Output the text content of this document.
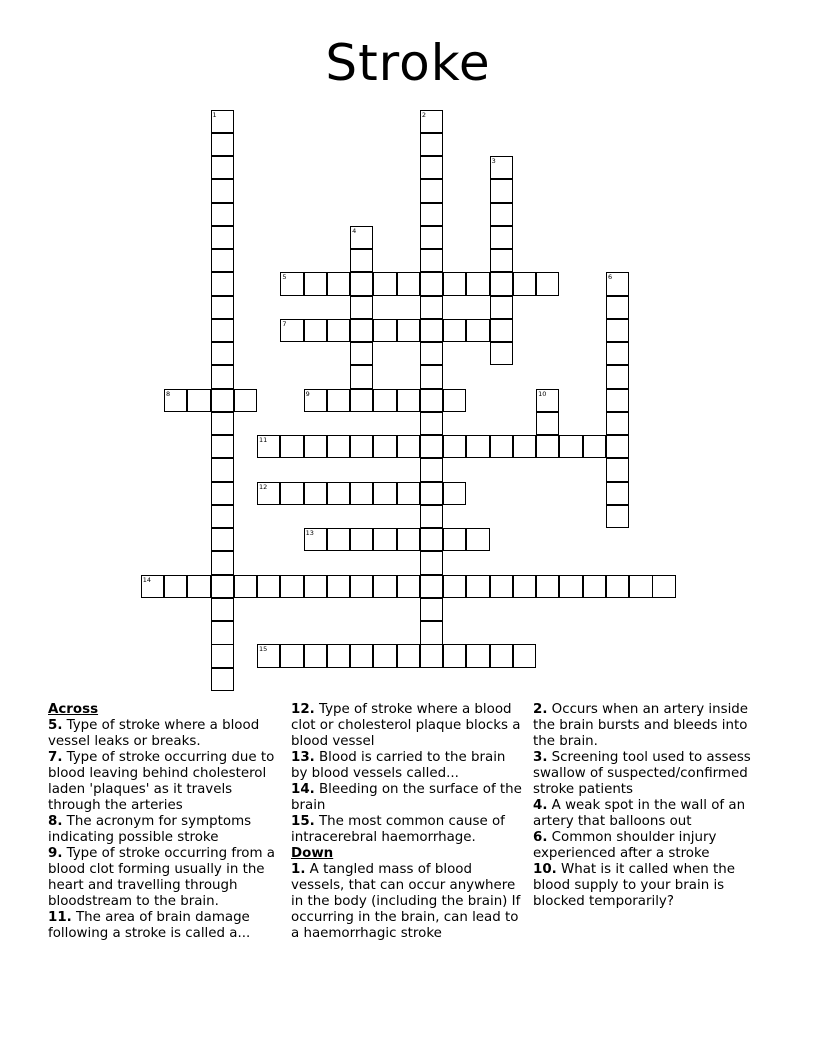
Stroke
5
7
8	9
11
12
13
14
15
1	2
3
4
6
10
Across
5. Type of stroke where a blood vessel leaks or breaks.
7. Type of stroke occurring due to blood leaving behind cholesterol laden 'plaques' as it travels through the arteries
8. The acronym for symptoms indicating possible stroke
9. Type of stroke occurring from a blood clot forming usually in the heart and travelling through bloodstream to the brain.
11. The area of brain damage following a stroke is called a...
12. Type of stroke where a blood clot or cholesterol plaque blocks a blood vessel
13. Blood is carried to the brain by blood vessels called...
14. Bleeding on the surface of the brain
15. The most common cause of intracerebral haemorrhage.
Down
1. A tangled mass of blood vessels, that can occur anywhere in the body (including the brain) If occurring in the brain, can lead to a haemorrhagic stroke
2. Occurs when an artery inside the brain bursts and bleeds into the brain.
3. Screening tool used to assess swallow of suspected/confirmed stroke patients
4. A weak spot in the wall of an artery that balloons out
6. Common shoulder injury experienced after a stroke
10. What is it called when the blood supply to your brain is blocked temporarily?
